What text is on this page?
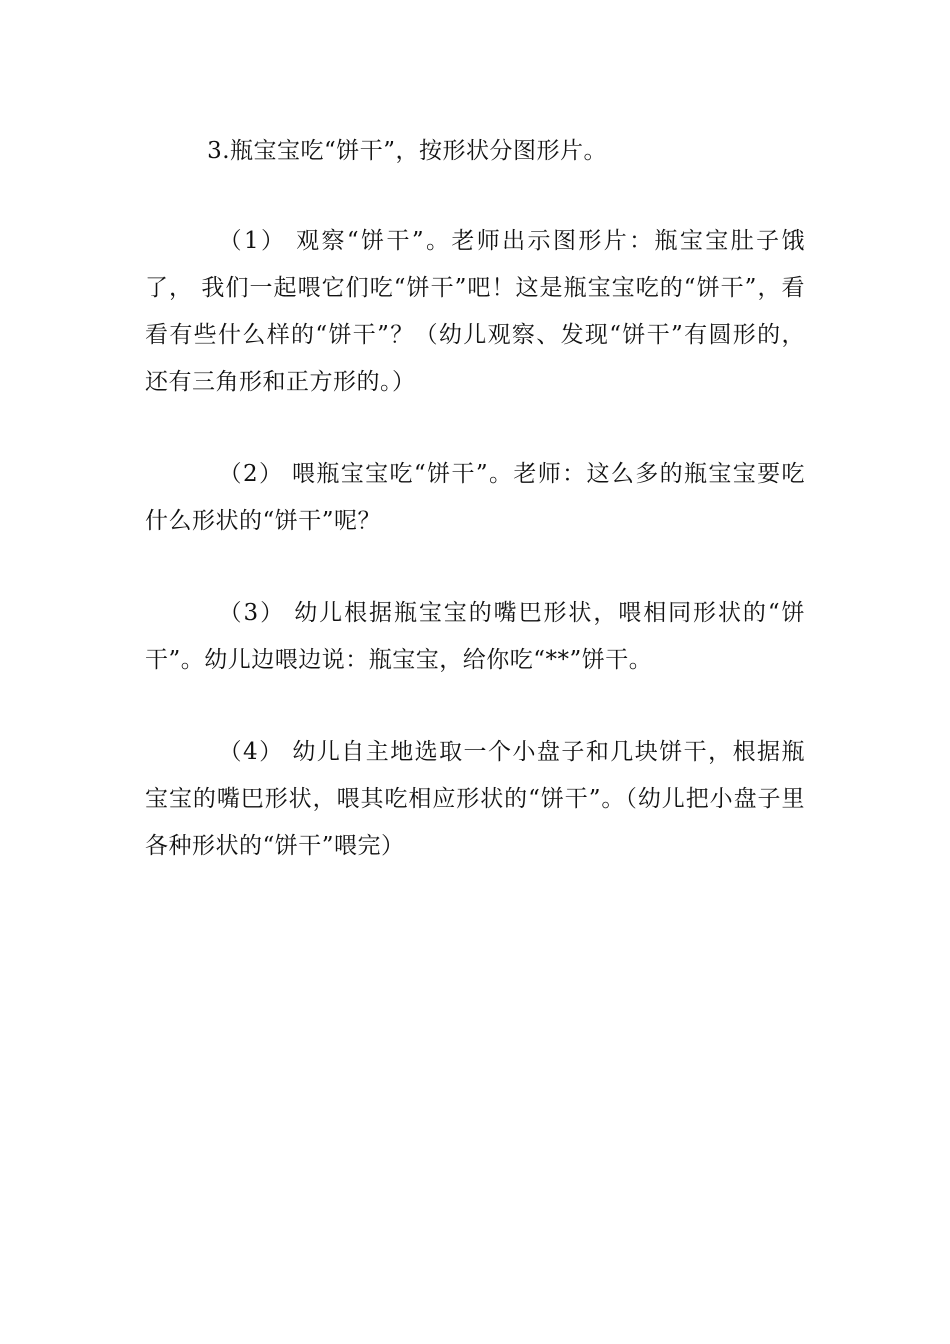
3.瓶宝宝吃“饼干”，按形状分图形片。

（1） 观察“饼干”。老师出示图形片：瓶宝宝肚子饿了， 我们一起喂它们吃“饼干”吧！这是瓶宝宝吃的“饼干”，看看有些什么样的“饼干”？（幼儿观察、发现“饼干”有圆形的，还有三角形和正方形的。）

（2） 喂瓶宝宝吃“饼干”。老师：这么多的瓶宝宝要吃什么形状的“饼干”呢？

（3） 幼儿根据瓶宝宝的嘴巴形状，喂相同形状的“饼干”。幼儿边喂边说：瓶宝宝，给你吃“**”饼干。

（4） 幼儿自主地选取一个小盘子和几块饼干，根据瓶宝宝的嘴巴形状，喂其吃相应形状的“饼干”。（幼儿把小盘子里各种形状的“饼干”喂完）
